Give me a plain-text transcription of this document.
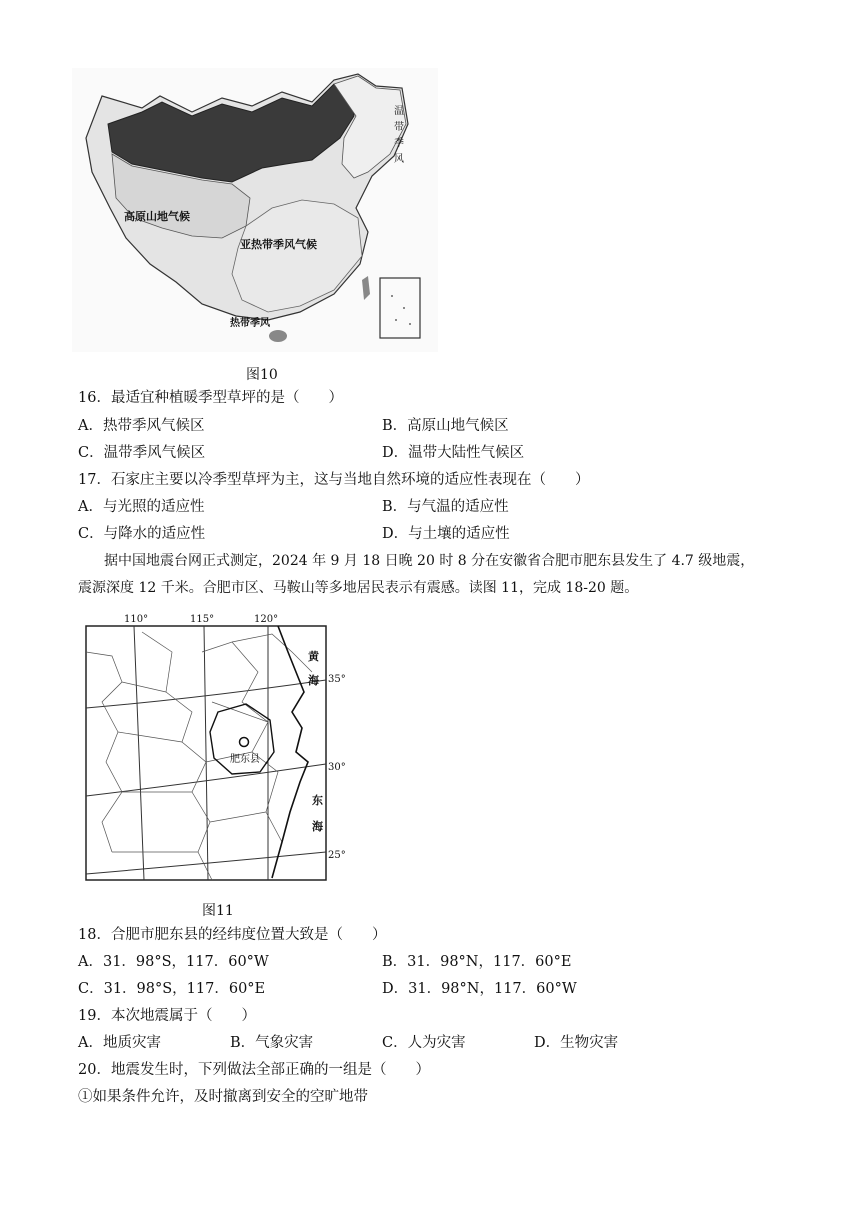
温
带
季
风
高原山地气候
亚热带季风气候
热带季风
图10
16．最适宜种植暖季型草坪的是（　　）
A．热带季风气候区	B．高原山地气候区
C．温带季风气候区	D．温带大陆性气候区
17．石家庄主要以冷季型草坪为主，这与当地自然环境的适应性表现在（　　）
A．与光照的适应性	B．与气温的适应性
C．与降水的适应性	D．与土壤的适应性
据中国地震台网正式测定，2024 年 9 月 18 日晚 20 时 8 分在安徽省合肥市肥东县发生了 4.7 级地震，
震源深度 12 千米。合肥市区、马鞍山等多地居民表示有震感。读图 11，完成 18-20 题。
肥东县
110°	115°	120°
35°
30°
25°
黄
海
东
海
图11
18．合肥市肥东县的经纬度位置大致是（　　）
A．31．98°S，117．60°W	B．31．98°N，117．60°E
C．31．98°S，117．60°E	D．31．98°N，117．60°W
19．本次地震属于（　　）
A．地质灾害	B．气象灾害	C．人为灾害	D．生物灾害
20．地震发生时，下列做法全部正确的一组是（　　）
①如果条件允许，及时撤离到安全的空旷地带
